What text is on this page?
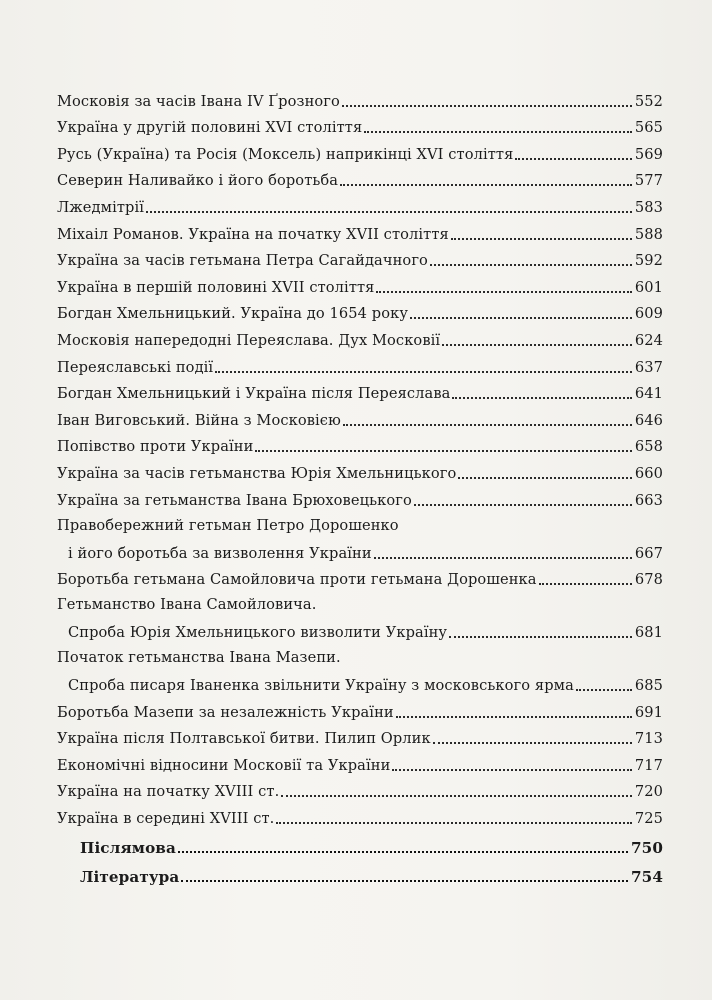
Московія за часів Івана IV Ґрозного	552
Україна у другій половині XVI століття	565
Русь (Україна) та Росія (Моксель) наприкінці XVI століття	569
Северин Наливайко і його боротьба	577
Лжедмітрії	583
Міхаіл Романов. Україна на початку XVII століття	588
Україна за часів гетьмана Петра Сагайдачного	592
Україна в першій половині XVII століття	601
Богдан Хмельницький. Україна до 1654 року	609
Московія напередодні Переяслава. Дух Московії	624
Переяславські події	637
Богдан Хмельницький і Україна після Переяслава	641
Іван Виговський. Війна з Московією	646
Попівство проти України	658
Україна за часів гетьманства Юрія Хмельницького	660
Україна за гетьманства Івана Брюховецького	663
Правобережний гетьман Петро Дорошенко
і його боротьба за визволення України	667
Боротьба гетьмана Самойловича проти гетьмана Дорошенка	678
Гетьманство Івана Самойловича.
Спроба Юрія Хмельницького визволити Україну	681
Початок гетьманства Івана Мазепи.
Спроба писаря Іваненка звільнити Україну з московського ярма	685
Боротьба Мазепи за незалежність України	691
Україна після Полтавської битви. Пилип Орлик	713
Економічні відносини Московії та України	717
Україна на початку XVIII ст.	720
Україна в середині XVIII ст.	725
Післямова	750
Література	754
